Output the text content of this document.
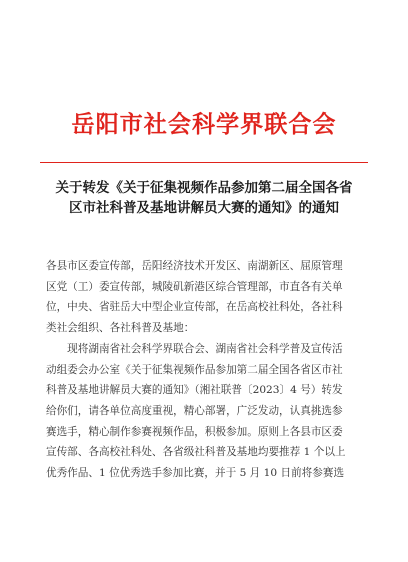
岳阳市社会科学界联合会
关于转发《关于征集视频作品参加第二届全国各省
区市社科普及基地讲解员大赛的通知》的通知
各县市区委宣传部，岳阳经济技术开发区、南湖新区、屈原管理
区党（工）委宣传部，城陵矶新港区综合管理部，市直各有关单
位，中央、省驻岳大中型企业宣传部，在岳高校社科处，各社科
类社会组织、各社科普及基地：
　　现将湖南省社会科学界联合会、湖南省社会科学普及宣传活
动组委会办公室《关于征集视频作品参加第二届全国各省区市社
科普及基地讲解员大赛的通知》（湘社联普〔2023〕4 号）转发
给你们，请各单位高度重视，精心部署，广泛发动，认真挑选参
赛选手，精心制作参赛视频作品，积极参加。原则上各县市区委
宣传部、各高校社科处、各省级社科普及基地均要推荐 1 个以上
优秀作品、1 位优秀选手参加比赛，并于 5 月 10 日前将参赛选
